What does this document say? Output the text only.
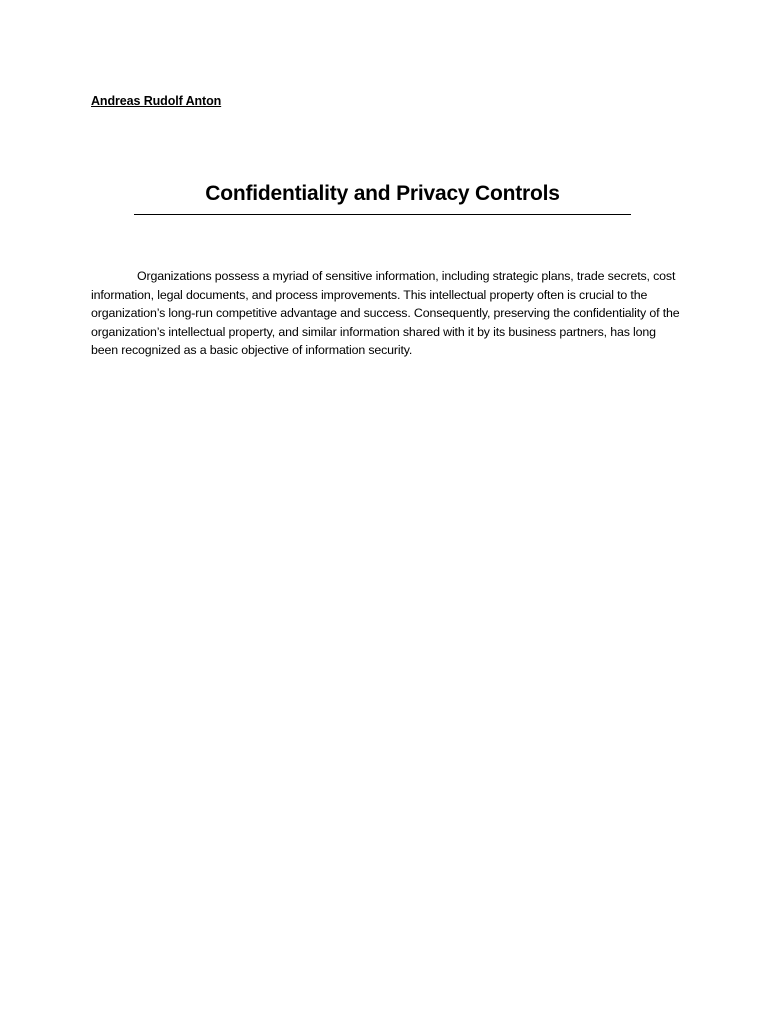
Andreas Rudolf Anton
Confidentiality and Privacy Controls

Organizations possess a myriad of sensitive information, including strategic plans, trade secrets, cost information, legal documents, and process improvements. This intellectual property often is crucial to the organization’s long-run competitive advantage and success. Consequently, preserving the confidentiality of the organization’s intellectual property, and similar information shared with it by its business partners, has long been recognized as a basic objective of information security.
